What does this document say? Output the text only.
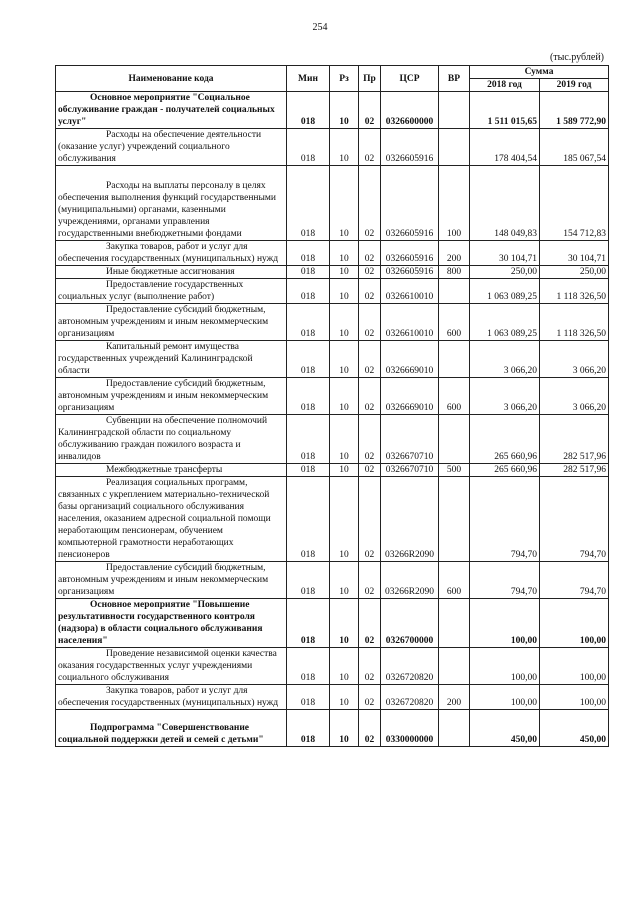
254
(тыс.рублей)
Наименование кода	Мин	Рз	Пр	ЦСР	ВР	Сумма	
						2018 год	2019 год

Основное мероприятие "Социальное обслуживание граждан - получателей социальных услуг"	018	10	02	0326600000		1 511 015,65	1 589 772,90

Расходы на обеспечение деятельности (оказание услуг) учреждений социального обслуживания	018	10	02	0326605916		178 404,54	185 067,54

Расходы на выплаты персоналу в целях обеспечения выполнения функций государственными (муниципальными) органами, казенными учреждениями, органами управления государственными внебюджетными фондами	018	10	02	0326605916	100	148 049,83	154 712,83

Закупка товаров, работ и услуг для обеспечения государственных (муниципальных) нужд	018	10	02	0326605916	200	30 104,71	30 104,71

Иные бюджетные ассигнования	018	10	02	0326605916	800	250,00	250,00

Предоставление государственных социальных услуг (выполнение работ)	018	10	02	0326610010		1 063 089,25	1 118 326,50

Предоставление субсидий бюджетным, автономным учреждениям и иным некоммерческим организациям	018	10	02	0326610010	600	1 063 089,25	1 118 326,50

Капитальный ремонт имущества государственных учреждений Калининградской области	018	10	02	0326669010		3 066,20	3 066,20

Предоставление субсидий бюджетным, автономным учреждениям и иным некоммерческим организациям	018	10	02	0326669010	600	3 066,20	3 066,20

Субвенции на обеспечение полномочий Калининградской области по социальному обслуживанию граждан пожилого возраста и инвалидов	018	10	02	0326670710		265 660,96	282 517,96

Межбюджетные трансферты	018	10	02	0326670710	500	265 660,96	282 517,96

Реализация социальных программ, связанных с укреплением материально-технической базы организаций социального обслуживания населения, оказанием адресной социальной помощи неработающим пенсионерам, обучением компьютерной грамотности неработающих пенсионеров	018	10	02	03266R2090		794,70	794,70

Предоставление субсидий бюджетным, автономным учреждениям и иным некоммерческим организациям	018	10	02	03266R2090	600	794,70	794,70

Основное мероприятие "Повышение результативности государственного контроля (надзора) в области социального обслуживания населения"	018	10	02	0326700000		100,00	100,00

Проведение независимой оценки качества оказания государственных услуг учреждениями социального обслуживания	018	10	02	0326720820		100,00	100,00

Закупка товаров, работ и услуг для обеспечения государственных (муниципальных) нужд	018	10	02	0326720820	200	100,00	100,00

Подпрограмма "Совершенствование социальной поддержки детей и семей с детьми"	018	10	02	0330000000		450,00	450,00
